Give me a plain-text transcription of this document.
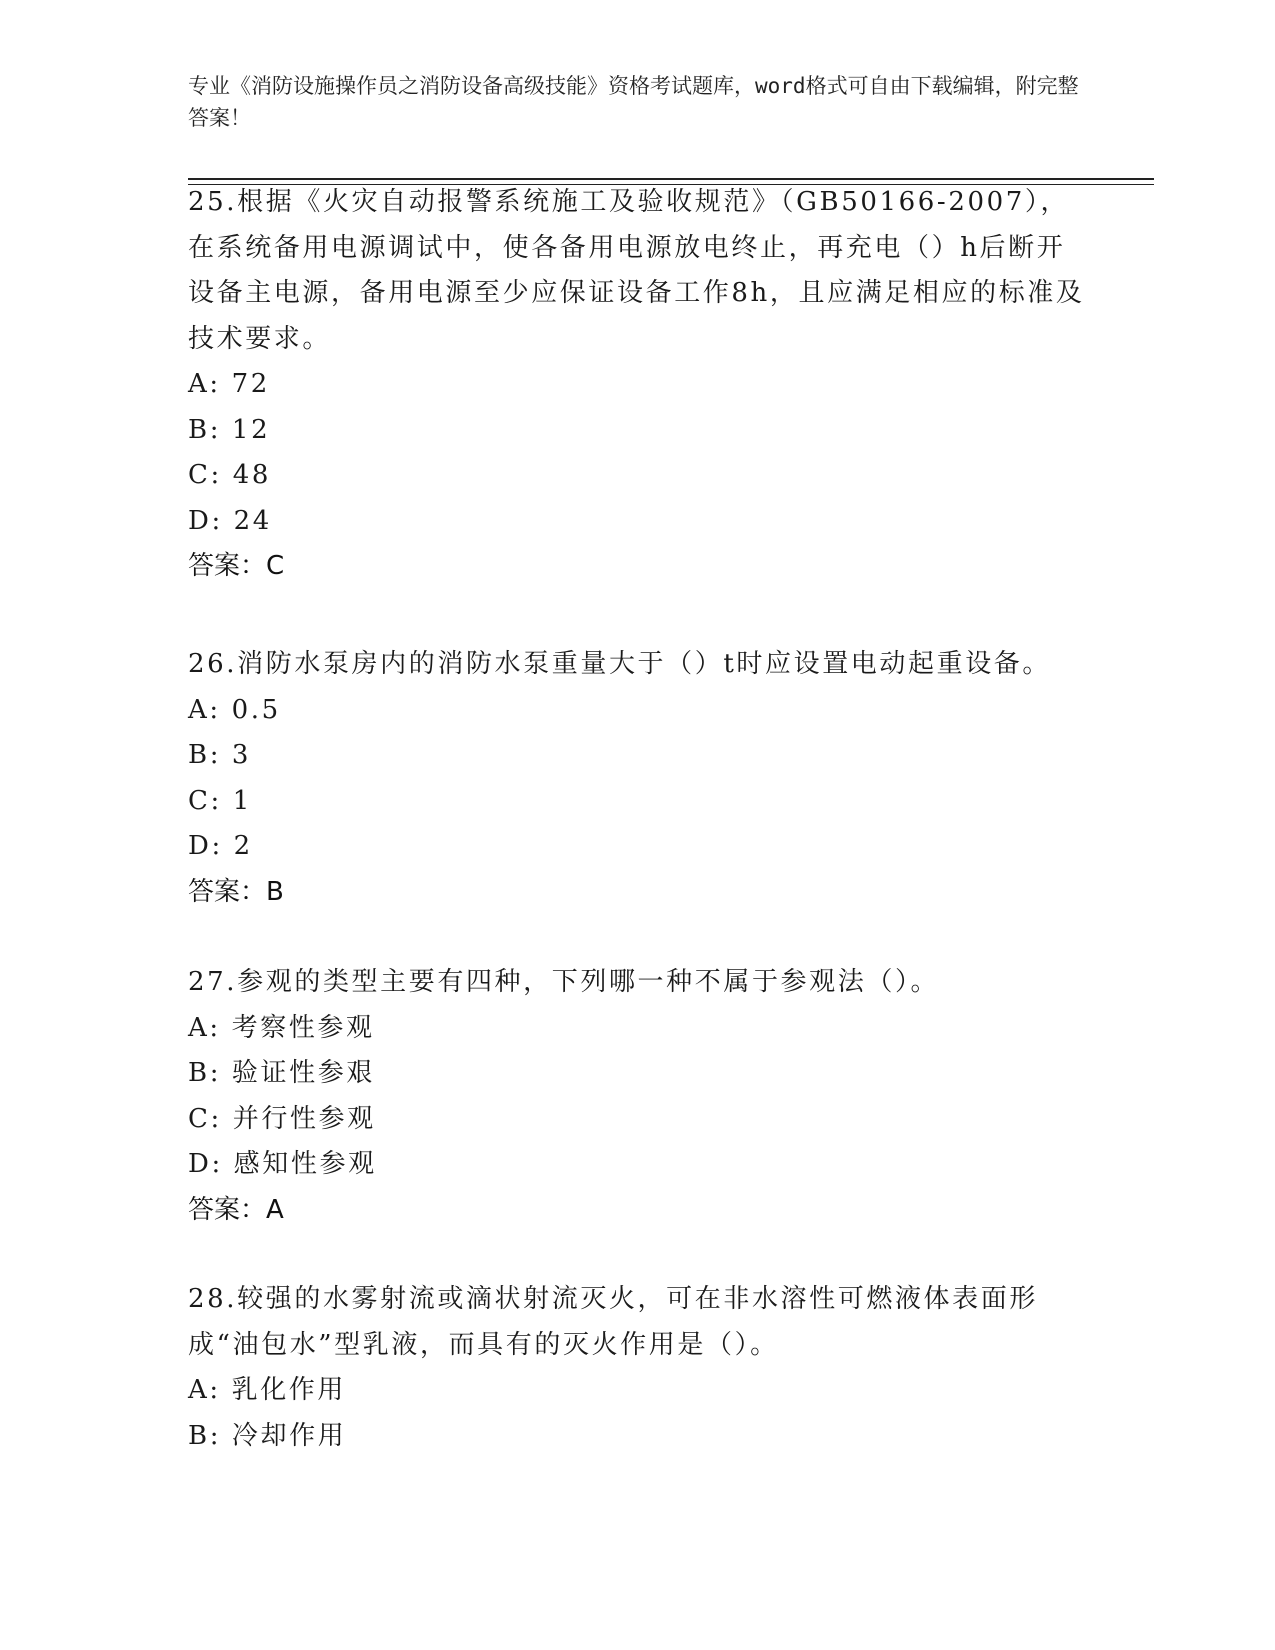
专业《消防设施操作员之消防设备高级技能》资格考试题库，word格式可自由下载编辑，附完整答案！

25.根据《火灾自动报警系统施工及验收规范》（GB50166-2007），在系统备用电源调试中，使各备用电源放电终止，再充电（）h后断开设备主电源，备用电源至少应保证设备工作8h，且应满足相应的标准及技术要求。

A: 72

B: 12

C: 48

D: 24

答案：C

26.消防水泵房内的消防水泵重量大于（）t时应设置电动起重设备。

A: 0.5

B: 3

C: 1

D: 2

答案：B

27.参观的类型主要有四种，下列哪一种不属于参观法（）。

A: 考察性参观

B: 验证性参艰

C: 并行性参观

D: 感知性参观

答案：A

28.较强的水雾射流或滴状射流灭火，可在非水溶性可燃液体表面形成“油包水”型乳液，而具有的灭火作用是（）。

A: 乳化作用

B: 冷却作用
